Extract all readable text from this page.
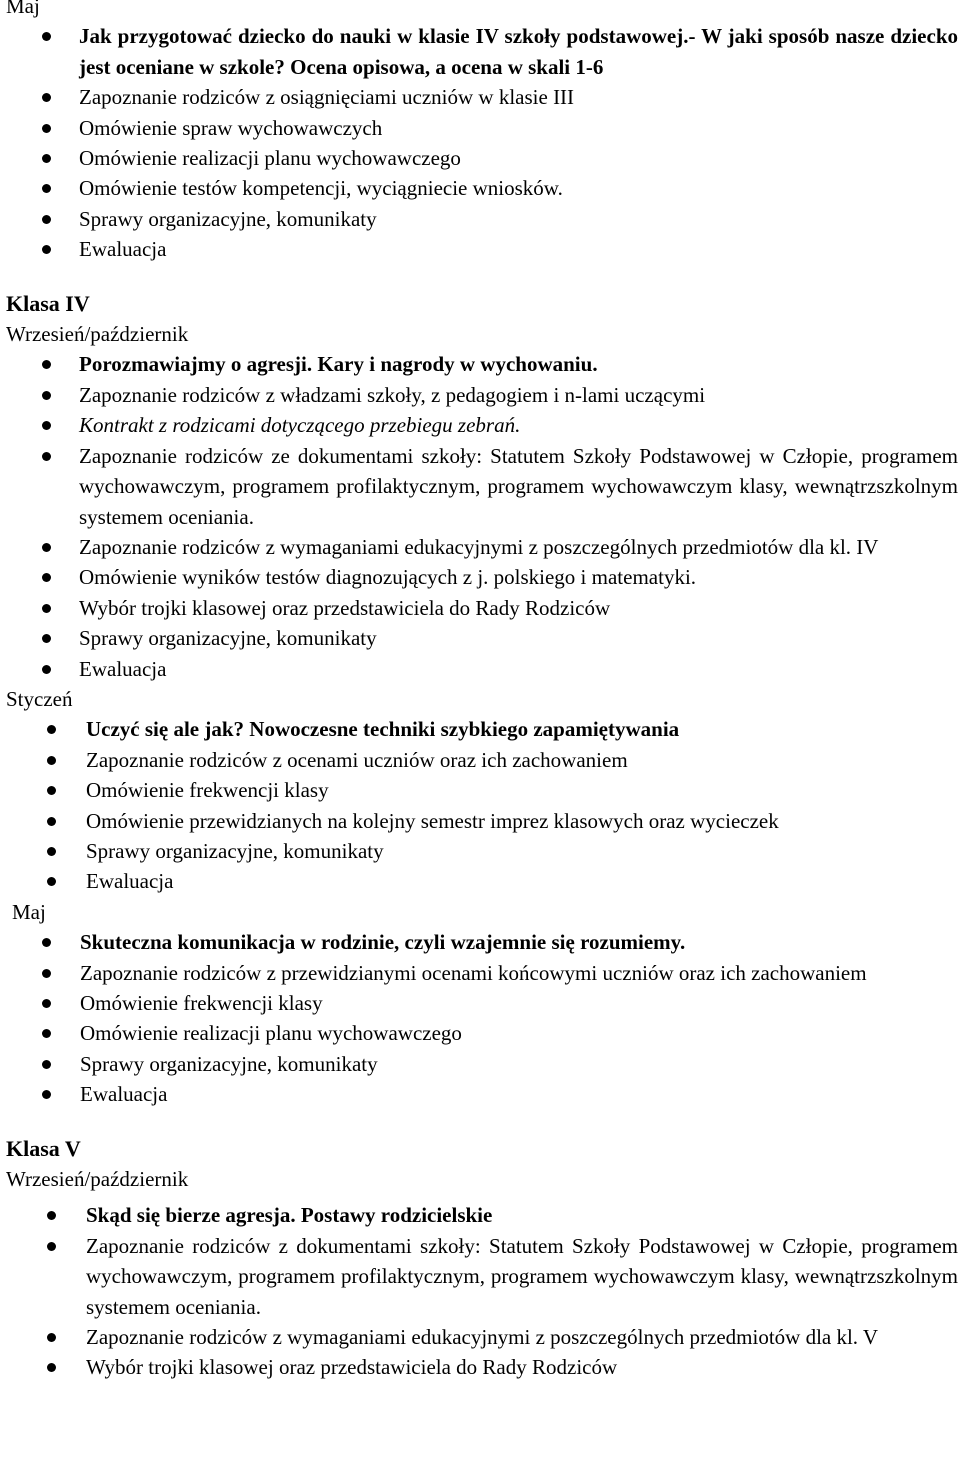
Maj
Jak przygotować dziecko do nauki w klasie IV szkoły podstawowej.- W jaki sposób nasze dziecko jest oceniane w szkole? Ocena opisowa, a ocena w skali 1-6
Zapoznanie rodziców z osiągnięciami uczniów w klasie III
Omówienie spraw wychowawczych
Omówienie realizacji planu wychowawczego
Omówienie testów kompetencji, wyciągniecie wniosków.
Sprawy organizacyjne, komunikaty
Ewaluacja
Klasa IV
Wrzesień/październik
Porozmawiajmy o agresji. Kary i nagrody w wychowaniu.
Zapoznanie rodziców z władzami szkoły, z pedagogiem i n-lami uczącymi
Kontrakt z rodzicami dotyczącego przebiegu zebrań.
Zapoznanie rodziców ze dokumentami szkoły: Statutem Szkoły Podstawowej w Człopie, programem wychowawczym, programem profilaktycznym, programem wychowawczym klasy, wewnątrzszkolnym systemem oceniania.
Zapoznanie rodziców z wymaganiami edukacyjnymi z poszczególnych przedmiotów dla kl. IV
Omówienie wyników testów diagnozujących z j. polskiego i matematyki.
Wybór trojki klasowej oraz przedstawiciela do Rady Rodziców
Sprawy organizacyjne, komunikaty
Ewaluacja
Styczeń
Uczyć się ale jak? Nowoczesne techniki szybkiego zapamiętywania
Zapoznanie rodziców z ocenami uczniów oraz ich zachowaniem
Omówienie frekwencji klasy
Omówienie przewidzianych na kolejny semestr imprez klasowych oraz wycieczek
Sprawy organizacyjne, komunikaty
Ewaluacja
Maj
Skuteczna komunikacja w rodzinie, czyli wzajemnie się rozumiemy.
Zapoznanie rodziców z przewidzianymi ocenami końcowymi uczniów oraz ich zachowaniem
Omówienie frekwencji klasy
Omówienie realizacji planu wychowawczego
Sprawy organizacyjne, komunikaty
Ewaluacja
Klasa V
Wrzesień/październik
Skąd się bierze agresja. Postawy rodzicielskie
Zapoznanie rodziców z dokumentami szkoły: Statutem Szkoły Podstawowej w Człopie, programem wychowawczym, programem profilaktycznym, programem wychowawczym klasy, wewnątrzszkolnym systemem oceniania.
Zapoznanie rodziców z wymaganiami edukacyjnymi z poszczególnych przedmiotów dla kl. V
Wybór trojki klasowej oraz przedstawiciela do Rady Rodziców
